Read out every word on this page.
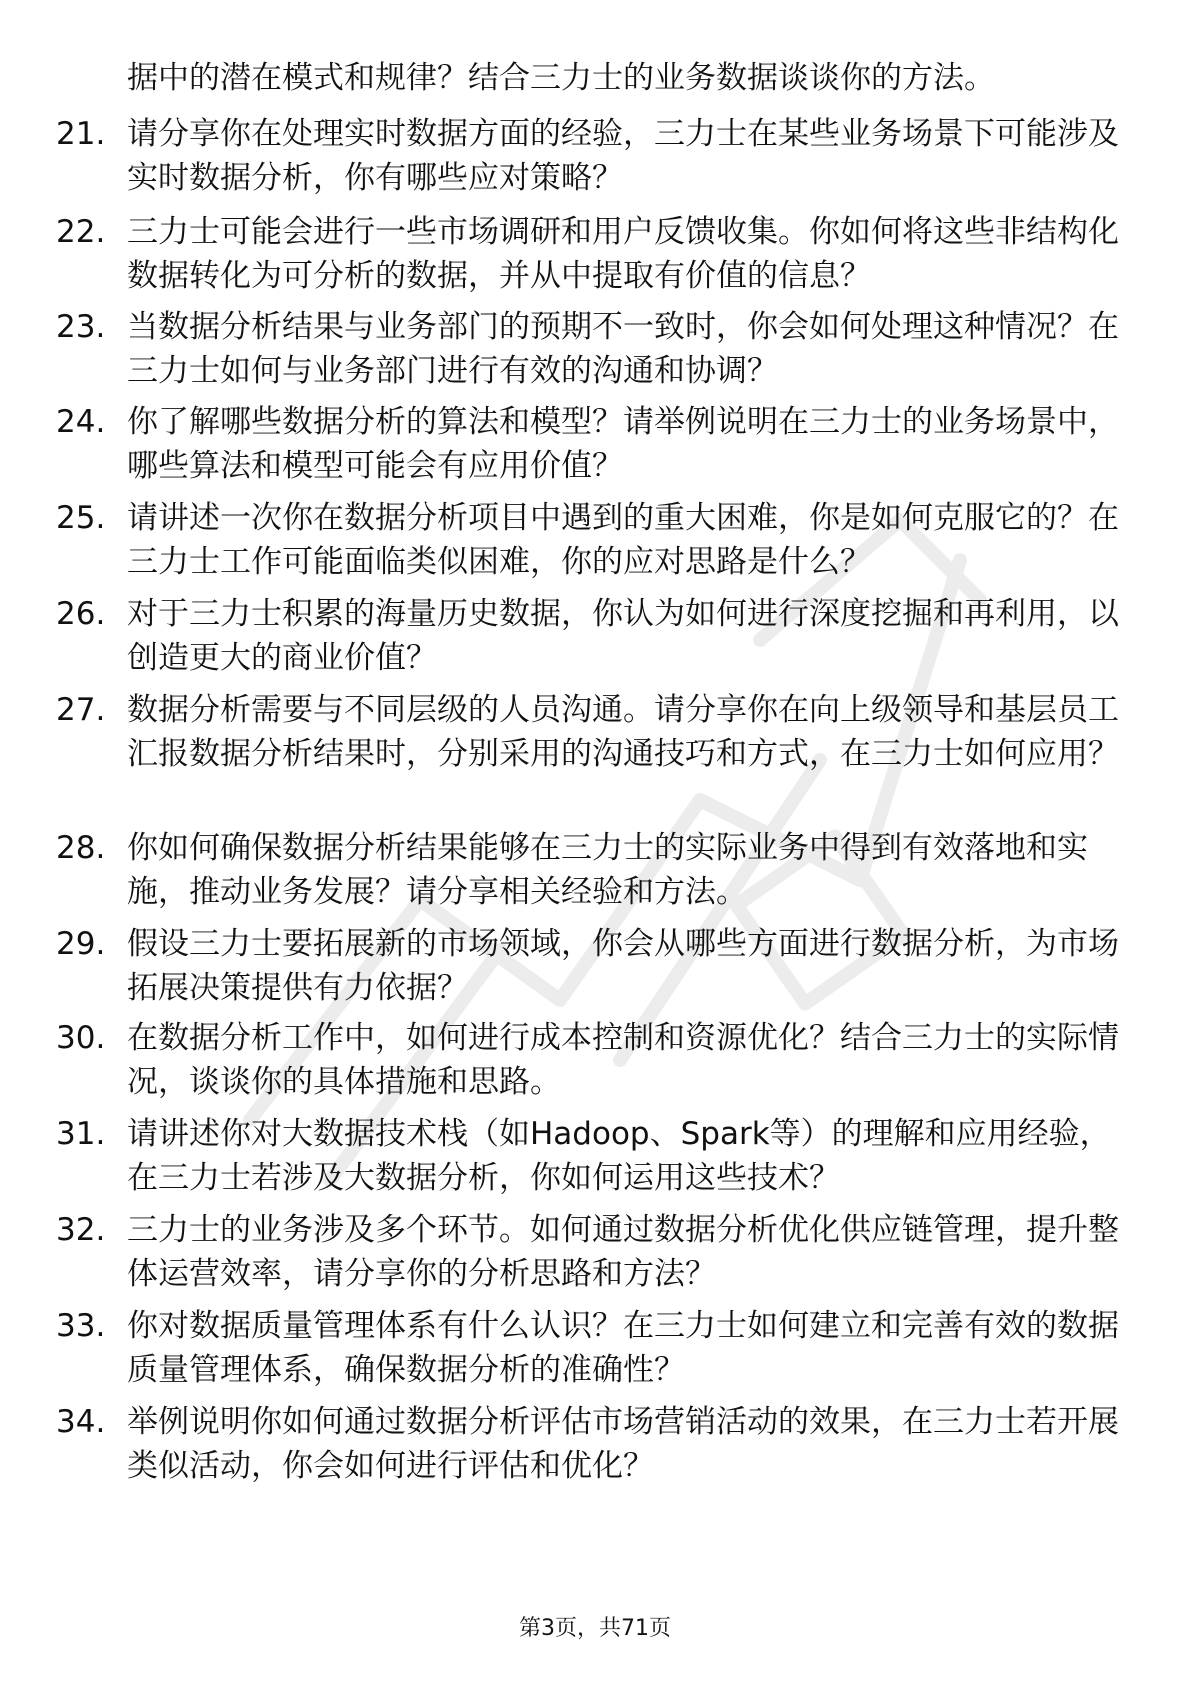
据中的潜在模式和规律？结合三力士的业务数据谈谈你的方法。
21. 请分享你在处理实时数据方面的经验，三力士在某些业务场景下可能涉及实时数据分析，你有哪些应对策略？
22. 三力士可能会进行一些市场调研和用户反馈收集。你如何将这些非结构化数据转化为可分析的数据，并从中提取有价值的信息？
23. 当数据分析结果与业务部门的预期不一致时，你会如何处理这种情况？在三力士如何与业务部门进行有效的沟通和协调？
24. 你了解哪些数据分析的算法和模型？请举例说明在三力士的业务场景中，哪些算法和模型可能会有应用价值？
25. 请讲述一次你在数据分析项目中遇到的重大困难，你是如何克服它的？在三力士工作可能面临类似困难，你的应对思路是什么？
26. 对于三力士积累的海量历史数据，你认为如何进行深度挖掘和再利用，以创造更大的商业价值？
27. 数据分析需要与不同层级的人员沟通。请分享你在向上级领导和基层员工汇报数据分析结果时，分别采用的沟通技巧和方式，在三力士如何应用？
28. 你如何确保数据分析结果能够在三力士的实际业务中得到有效落地和实施，推动业务发展？请分享相关经验和方法。
29. 假设三力士要拓展新的市场领域，你会从哪些方面进行数据分析，为市场拓展决策提供有力依据？
30. 在数据分析工作中，如何进行成本控制和资源优化？结合三力士的实际情况，谈谈你的具体措施和思路。
31. 请讲述你对大数据技术栈（如Hadoop、Spark等）的理解和应用经验，在三力士若涉及大数据分析，你如何运用这些技术？
32. 三力士的业务涉及多个环节。如何通过数据分析优化供应链管理，提升整体运营效率，请分享你的分析思路和方法？
33. 你对数据质量管理体系有什么认识？在三力士如何建立和完善有效的数据质量管理体系，确保数据分析的准确性？
34. 举例说明你如何通过数据分析评估市场营销活动的效果，在三力士若开展类似活动，你会如何进行评估和优化？
第3页，共71页
